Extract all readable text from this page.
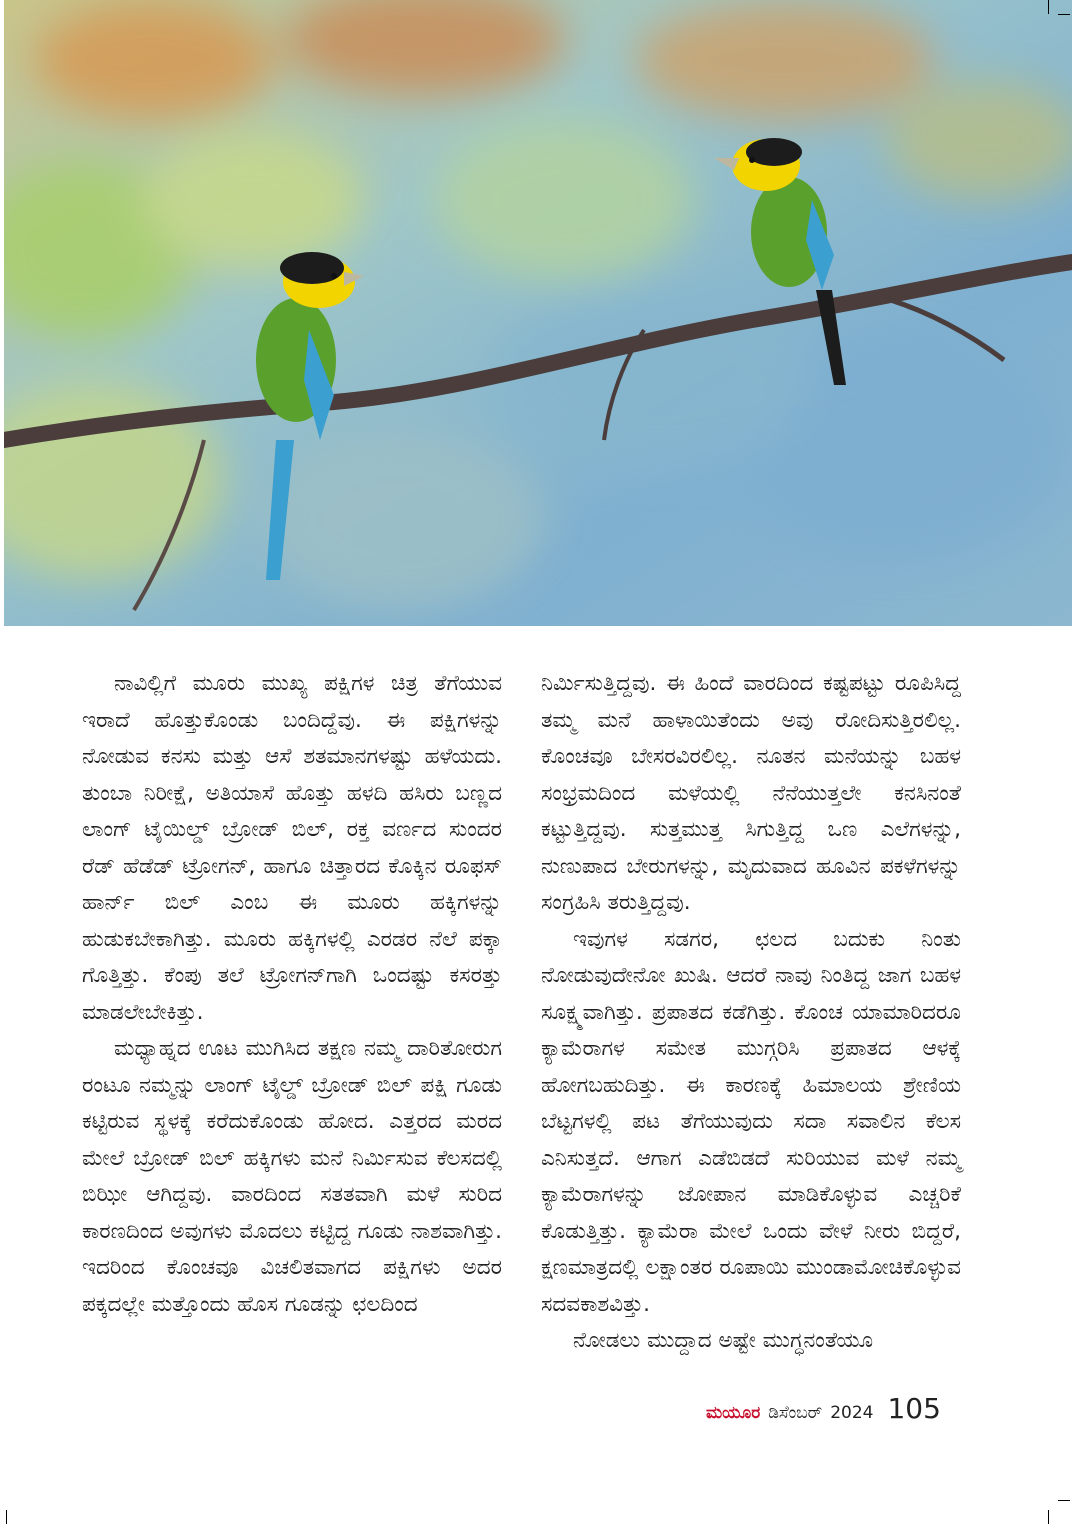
ನಾವಿಲ್ಲಿಗೆ ಮೂರು ಮುಖ್ಯ ಪಕ್ಷಿಗಳ ಚಿತ್ರ ತೆಗೆಯುವ ಇರಾದೆ ಹೊತ್ತುಕೊಂಡು ಬಂದಿದ್ದೆವು. ಈ ಪಕ್ಷಿಗಳನ್ನು ನೋಡುವ ಕನಸು ಮತ್ತು ಆಸೆ ಶತಮಾನಗಳಷ್ಟು ಹಳೆಯದು. ತುಂಬಾ ನಿರೀಕ್ಷೆ, ಅತಿಯಾಸೆ ಹೊತ್ತು ಹಳದಿ ಹಸಿರು ಬಣ್ಣದ ಲಾಂಗ್ ಟೈಯಿಲ್ಡ್ ಬ್ರೋಡ್ ಬಿಲ್, ರಕ್ತ ವರ್ಣದ ಸುಂದರ ರೆಡ್ ಹೆಡೆಡ್ ಟ್ರೋಗನ್, ಹಾಗೂ ಚಿತ್ತಾರದ ಕೊಕ್ಕಿನ ರೂಫಸ್ ಹಾರ್ನ್ ಬಿಲ್ ಎಂಬ ಈ ಮೂರು ಹಕ್ಕಿಗಳನ್ನು ಹುಡುಕಬೇಕಾಗಿತ್ತು. ಮೂರು ಹಕ್ಕಿಗಳಲ್ಲಿ ಎರಡರ ನೆಲೆ ಪಕ್ಕಾ ಗೊತ್ತಿತ್ತು. ಕೆಂಪು ತಲೆ ಟ್ರೋಗನ್‌ಗಾಗಿ ಒಂದಷ್ಟು ಕಸರತ್ತು ಮಾಡಲೇಬೇಕಿತ್ತು.

ಮಧ್ಯಾಹ್ನದ ಊಟ ಮುಗಿಸಿದ ತಕ್ಷಣ ನಮ್ಮ ದಾರಿತೋರುಗ ರಂಟೂ ನಮ್ಮನ್ನು ಲಾಂಗ್ ಟೈಲ್ಡ್ ಬ್ರೋಡ್ ಬಿಲ್ ಪಕ್ಷಿ ಗೂಡು ಕಟ್ಟಿರುವ ಸ್ಥಳಕ್ಕೆ ಕರೆದುಕೊಂಡು ಹೋದ. ಎತ್ತರದ ಮರದ ಮೇಲೆ ಬ್ರೋಡ್ ಬಿಲ್ ಹಕ್ಕಿಗಳು ಮನೆ ನಿರ್ಮಿಸುವ ಕೆಲಸದಲ್ಲಿ ಬಿಝೀ ಆಗಿದ್ದವು. ವಾರದಿಂದ ಸತತವಾಗಿ ಮಳೆ ಸುರಿದ ಕಾರಣದಿಂದ ಅವುಗಳು ಮೊದಲು ಕಟ್ಟಿದ್ದ ಗೂಡು ನಾಶವಾಗಿತ್ತು. ಇದರಿಂದ ಕೊಂಚವೂ ವಿಚಲಿತವಾಗದ ಪಕ್ಷಿಗಳು ಅದರ ಪಕ್ಕದಲ್ಲೇ ಮತ್ತೊಂದು ಹೊಸ ಗೂಡನ್ನು ಛಲದಿಂದ

ನಿರ್ಮಿಸುತ್ತಿದ್ದವು. ಈ ಹಿಂದೆ ವಾರದಿಂದ ಕಷ್ಟಪಟ್ಟು ರೂಪಿಸಿದ್ದ ತಮ್ಮ ಮನೆ ಹಾಳಾಯಿತೆಂದು ಅವು ರೋದಿಸುತ್ತಿರಲಿಲ್ಲ. ಕೊಂಚವೂ ಬೇಸರವಿರಲಿಲ್ಲ. ನೂತನ ಮನೆಯನ್ನು ಬಹಳ ಸಂಭ್ರಮದಿಂದ ಮಳೆಯಲ್ಲಿ ನೆನೆಯುತ್ತಲೇ ಕನಸಿನಂತೆ ಕಟ್ಟುತ್ತಿದ್ದವು. ಸುತ್ತಮುತ್ತ ಸಿಗುತ್ತಿದ್ದ ಒಣ ಎಲೆಗಳನ್ನು, ನುಣುಪಾದ ಬೇರುಗಳನ್ನು, ಮೃದುವಾದ ಹೂವಿನ ಪಕಳೆಗಳನ್ನು ಸಂಗ್ರಹಿಸಿ ತರುತ್ತಿದ್ದವು.

ಇವುಗಳ ಸಡಗರ, ಛಲದ ಬದುಕು ನಿಂತು ನೋಡುವುದೇನೋ ಖುಷಿ. ಆದರೆ ನಾವು ನಿಂತಿದ್ದ ಜಾಗ ಬಹಳ ಸೂಕ್ಷ್ಮವಾಗಿತ್ತು. ಪ್ರಪಾತದ ಕಡೆಗಿತ್ತು. ಕೊಂಚ ಯಾಮಾರಿದರೂ ಕ್ಯಾಮೆರಾಗಳ ಸಮೇತ ಮುಗ್ಗರಿಸಿ ಪ್ರಪಾತದ ಆಳಕ್ಕೆ ಹೋಗಬಹುದಿತ್ತು. ಈ ಕಾರಣಕ್ಕೆ ಹಿಮಾಲಯ ಶ್ರೇಣಿಯ ಬೆಟ್ಟಗಳಲ್ಲಿ ಪಟ ತೆಗೆಯುವುದು ಸದಾ ಸವಾಲಿನ ಕೆಲಸ ಎನಿಸುತ್ತದೆ. ಆಗಾಗ ಎಡೆಬಿಡದೆ ಸುರಿಯುವ ಮಳೆ ನಮ್ಮ ಕ್ಯಾಮೆರಾಗಳನ್ನು ಜೋಪಾನ ಮಾಡಿಕೊಳ್ಳುವ ಎಚ್ಚರಿಕೆ ಕೊಡುತ್ತಿತ್ತು. ಕ್ಯಾಮೆರಾ ಮೇಲೆ ಒಂದು ವೇಳೆ ನೀರು ಬಿದ್ದರೆ, ಕ್ಷಣಮಾತ್ರದಲ್ಲಿ ಲಕ್ಷಾಂತರ ರೂಪಾಯಿ ಮುಂಡಾಮೋಚಿಕೊಳ್ಳುವ ಸದವಕಾಶವಿತ್ತು.

ನೋಡಲು ಮುದ್ದಾದ ಅಷ್ಟೇ ಮುಗ್ಧನಂತೆಯೂ

ಮಯೂರ ಡಿಸೆಂಬರ್ 2024 105
